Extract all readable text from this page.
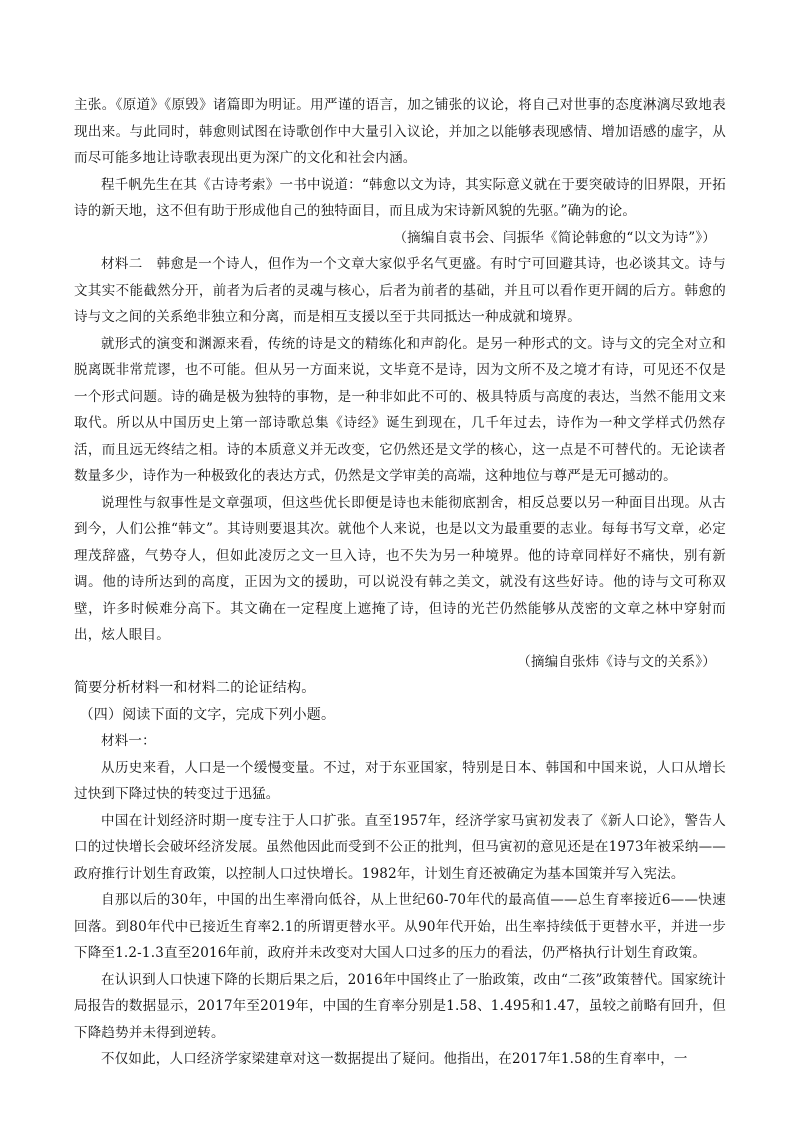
主张。《原道》《原毁》诸篇即为明证。用严谨的语言，加之铺张的议论，将自己对世事的态度淋漓尽致地表现出来。与此同时，韩愈则试图在诗歌创作中大量引入议论，并加之以能够表现感情、增加语感的虚字，从而尽可能多地让诗歌表现出更为深广的文化和社会内涵。

程千帆先生在其《古诗考索》一书中说道：“韩愈以文为诗，其实际意义就在于要突破诗的旧界限，开拓诗的新天地，这不但有助于形成他自己的独特面目，而且成为宋诗新风貌的先驱。”确为的论。

（摘编自袁书会、闫振华《简论韩愈的“以文为诗”》）

材料二　韩愈是一个诗人，但作为一个文章大家似乎名气更盛。有时宁可回避其诗，也必谈其文。诗与文其实不能截然分开，前者为后者的灵魂与核心，后者为前者的基础，并且可以看作更开阔的后方。韩愈的诗与文之间的关系绝非独立和分离，而是相互支援以至于共同抵达一种成就和境界。

就形式的演变和渊源来看，传统的诗是文的精练化和声韵化。是另一种形式的文。诗与文的完全对立和脱离既非常荒谬，也不可能。但从另一方面来说，文毕竟不是诗，因为文所不及之境才有诗，可见还不仅是一个形式问题。诗的确是极为独特的事物，是一种非如此不可的、极具特质与高度的表达，当然不能用文来取代。所以从中国历史上第一部诗歌总集《诗经》诞生到现在，几千年过去，诗作为一种文学样式仍然存活，而且远无终结之相。诗的本质意义并无改变，它仍然还是文学的核心，这一点是不可替代的。无论读者数量多少，诗作为一种极致化的表达方式，仍然是文学审美的高端，这种地位与尊严是无可撼动的。

说理性与叙事性是文章强项，但这些优长即便是诗也未能彻底割舍，相反总要以另一种面目出现。从古到今，人们公推“韩文”。其诗则要退其次。就他个人来说，也是以文为最重要的志业。每每书写文章，必定理茂辞盛，气势夺人，但如此凌厉之文一旦入诗，也不失为另一种境界。他的诗章同样好不痛快，别有新调。他的诗所达到的高度，正因为文的援助，可以说没有韩之美文，就没有这些好诗。他的诗与文可称双壁，许多时候难分高下。其文确在一定程度上遮掩了诗，但诗的光芒仍然能够从茂密的文章之林中穿射而出，炫人眼目。

（摘编自张炜《诗与文的关系》）

简要分析材料一和材料二的论证结构。

（四）阅读下面的文字，完成下列小题。

材料一：

从历史来看，人口是一个缓慢变量。不过，对于东亚国家，特别是日本、韩国和中国来说，人口从增长过快到下降过快的转变过于迅猛。

中国在计划经济时期一度专注于人口扩张。直至1957年，经济学家马寅初发表了《新人口论》，警告人口的过快增长会破坏经济发展。虽然他因此而受到不公正的批判，但马寅初的意见还是在1973年被采纳——政府推行计划生育政策，以控制人口过快增长。1982年，计划生育还被确定为基本国策并写入宪法。

自那以后的30年，中国的出生率滑向低谷，从上世纪60-70年代的最高值——总生育率接近6——快速回落。到80年代中已接近生育率2.1的所谓更替水平。从90年代开始，出生率持续低于更替水平，并进一步下降至1.2-1.3直至2016年前，政府并未改变对大国人口过多的压力的看法，仍严格执行计划生育政策。

在认识到人口快速下降的长期后果之后，2016年中国终止了一胎政策，改由“二孩”政策替代。国家统计局报告的数据显示，2017年至2019年，中国的生育率分别是1.58、1.495和1.47，虽较之前略有回升，但下降趋势并未得到逆转。

不仅如此，人口经济学家梁建章对这一数据提出了疑问。他指出，在2017年1.58的生育率中，一
